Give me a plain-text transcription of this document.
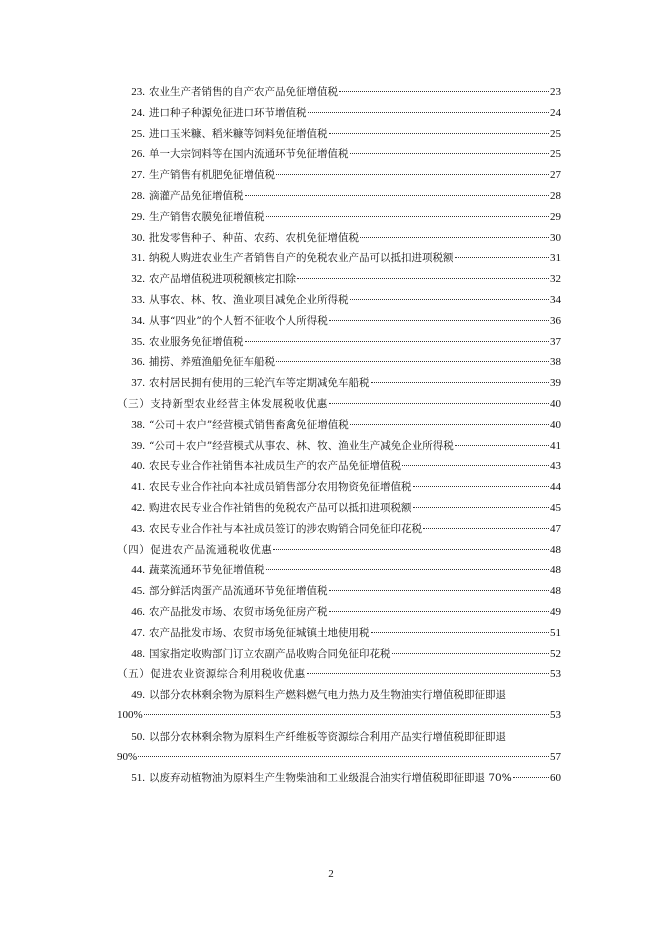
23. 农业生产者销售的自产农产品免征增值税	23
24. 进口种子种源免征进口环节增值税	24
25. 进口玉米糠、稻米糠等饲料免征增值税	25
26. 单一大宗饲料等在国内流通环节免征增值税	25
27. 生产销售有机肥免征增值税	27
28. 滴灌产品免征增值税	28
29. 生产销售农膜免征增值税	29
30. 批发零售种子、种苗、农药、农机免征增值税	30
31. 纳税人购进农业生产者销售自产的免税农业产品可以抵扣进项税额	31
32. 农产品增值税进项税额核定扣除	32
33. 从事农、林、牧、渔业项目减免企业所得税	34
34. 从事“四业”的个人暂不征收个人所得税	36
35. 农业服务免征增值税	37
36. 捕捞、养殖渔船免征车船税	38
37. 农村居民拥有使用的三轮汽车等定期减免车船税	39
（三）支持新型农业经营主体发展税收优惠	40
38. “公司＋农户”经营模式销售畜禽免征增值税	40
39. “公司＋农户”经营模式从事农、林、牧、渔业生产减免企业所得税	41
40. 农民专业合作社销售本社成员生产的农产品免征增值税	43
41. 农民专业合作社向本社成员销售部分农用物资免征增值税	44
42. 购进农民专业合作社销售的免税农产品可以抵扣进项税额	45
43. 农民专业合作社与本社成员签订的涉农购销合同免征印花税	47
（四）促进农产品流通税收优惠	48
44. 蔬菜流通环节免征增值税	48
45. 部分鲜活肉蛋产品流通环节免征增值税	48
46. 农产品批发市场、农贸市场免征房产税	49
47. 农产品批发市场、农贸市场免征城镇土地使用税	51
48. 国家指定收购部门订立农副产品收购合同免征印花税	52
（五）促进农业资源综合利用税收优惠	53
49. 以部分农林剩余物为原料生产燃料燃气电力热力及生物油实行增值税即征即退
100%	53
50. 以部分农林剩余物为原料生产纤维板等资源综合利用产品实行增值税即征即退
90%	57
51. 以废弃动植物油为原料生产生物柴油和工业级混合油实行增值税即征即退 70%	60
2
